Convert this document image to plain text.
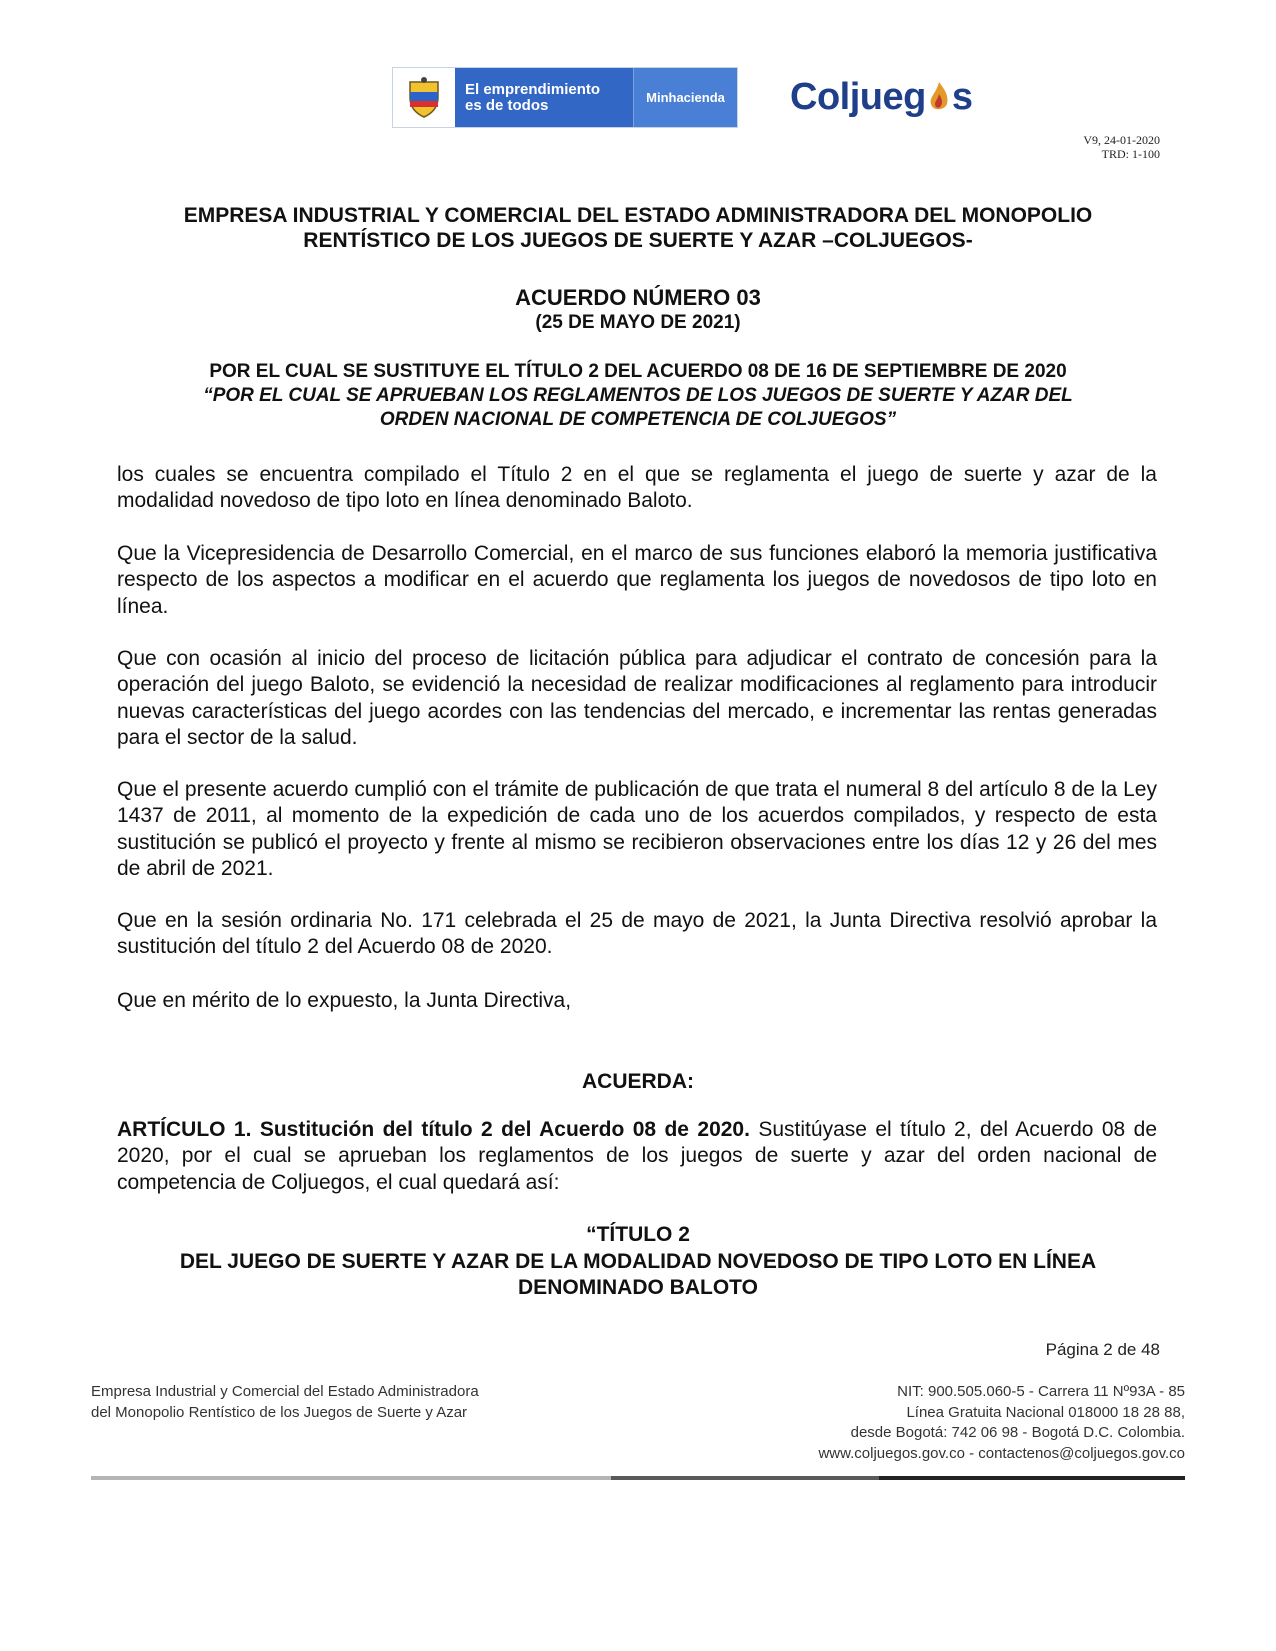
El emprendimiento
es de todos	Minhacienda	Coljueg s
V9, 24-01-2020
TRD: 1-100
EMPRESA INDUSTRIAL Y COMERCIAL DEL ESTADO ADMINISTRADORA DEL MONOPOLIO
RENTÍSTICO DE LOS JUEGOS DE SUERTE Y AZAR –COLJUEGOS-
ACUERDO NÚMERO 03
(25 DE MAYO DE 2021)
POR EL CUAL SE SUSTITUYE EL TÍTULO 2 DEL ACUERDO 08 DE 16 DE SEPTIEMBRE DE 2020
“POR EL CUAL SE APRUEBAN LOS REGLAMENTOS DE LOS JUEGOS DE SUERTE Y AZAR DEL
ORDEN NACIONAL DE COMPETENCIA DE COLJUEGOS”
los cuales se encuentra compilado el Título 2 en el que se reglamenta el juego de suerte y azar de la modalidad novedoso de tipo loto en línea denominado Baloto.
Que la Vicepresidencia de Desarrollo Comercial, en el marco de sus funciones elaboró la memoria justificativa respecto de los aspectos a modificar en el acuerdo que reglamenta los juegos de novedosos de tipo loto en línea.
Que con ocasión al inicio del proceso de licitación pública para adjudicar el contrato de concesión para la operación del juego Baloto, se evidenció la necesidad de realizar modificaciones al reglamento para introducir nuevas características del juego acordes con las tendencias del mercado, e incrementar las rentas generadas para el sector de la salud.
Que el presente acuerdo cumplió con el trámite de publicación de que trata el numeral 8 del artículo 8 de la Ley 1437 de 2011, al momento de la expedición de cada uno de los acuerdos compilados, y respecto de esta sustitución se publicó el proyecto y frente al mismo se recibieron observaciones entre los días 12 y 26 del mes de abril de 2021.
Que en la sesión ordinaria No. 171 celebrada el 25 de mayo de 2021, la Junta Directiva resolvió aprobar la sustitución del título 2 del Acuerdo 08 de 2020.
Que en mérito de lo expuesto, la Junta Directiva,
ACUERDA:
ARTÍCULO 1. Sustitución del título 2 del Acuerdo 08 de 2020. Sustitúyase el título 2, del Acuerdo 08 de 2020, por el cual se aprueban los reglamentos de los juegos de suerte y azar del orden nacional de competencia de Coljuegos, el cual quedará así:
“TÍTULO 2
DEL JUEGO DE SUERTE Y AZAR DE LA MODALIDAD NOVEDOSO DE TIPO LOTO EN LÍNEA
DENOMINADO BALOTO
Página 2 de 48
Empresa Industrial y Comercial del Estado Administradora
del Monopolio Rentístico de los Juegos de Suerte y Azar
NIT: 900.505.060-5 - Carrera 11 Nº93A - 85
Línea Gratuita Nacional 018000 18 28 88,
desde Bogotá: 742 06 98 - Bogotá D.C. Colombia.
www.coljuegos.gov.co - contactenos@coljuegos.gov.co
